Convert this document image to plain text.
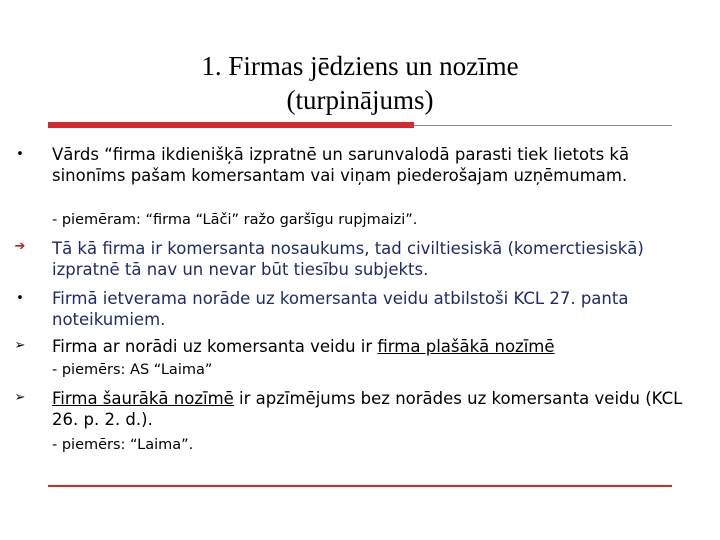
1. Firmas jēdziens un nozīme
(turpinājums)
•	Vārds “firma ikdienišķā izpratnē un sarunvalodā parasti tiek lietots kā sinonīms pašam komersantam vai viņam piederošajam uzņēmumam.
- piemēram: “firma “Lāči” ražo garšīgu rupjmaizi”.
➔	Tā kā firma ir komersanta nosaukums, tad civiltiesiskā (komerctiesiskā) izpratnē tā nav un nevar būt tiesību subjekts.
•	Firmā ietverama norāde uz komersanta veidu atbilstoši KCL 27. panta noteikumiem.
➢	Firma ar norādi uz komersanta veidu ir firma plašākā nozīmē
- piemērs: AS “Laima”
➢	Firma šaurākā nozīmē ir apzīmējums bez norādes uz komersanta veidu (KCL 26. p. 2. d.).
- piemērs: “Laima”.
